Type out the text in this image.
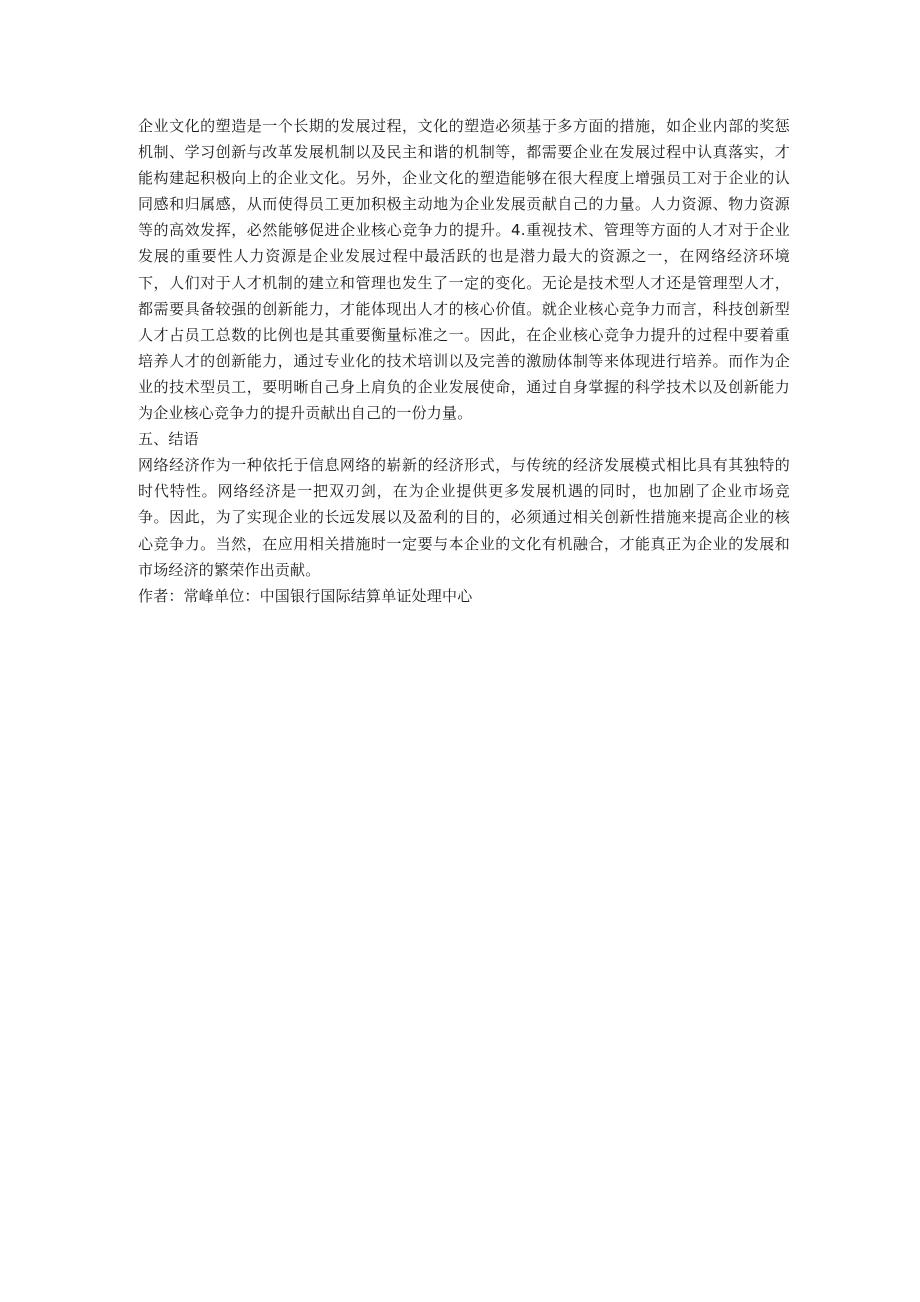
企业文化的塑造是一个长期的发展过程，文化的塑造必须基于多方面的措施，如企业内部的奖惩机制、学习创新与改革发展机制以及民主和谐的机制等，都需要企业在发展过程中认真落实，才能构建起积极向上的企业文化。另外，企业文化的塑造能够在很大程度上增强员工对于企业的认同感和归属感，从而使得员工更加积极主动地为企业发展贡献自己的力量。人力资源、物力资源等的高效发挥，必然能够促进企业核心竞争力的提升。4.重视技术、管理等方面的人才对于企业发展的重要性人力资源是企业发展过程中最活跃的也是潜力最大的资源之一，在网络经济环境下，人们对于人才机制的建立和管理也发生了一定的变化。无论是技术型人才还是管理型人才，都需要具备较强的创新能力，才能体现出人才的核心价值。就企业核心竞争力而言，科技创新型人才占员工总数的比例也是其重要衡量标准之一。因此，在企业核心竞争力提升的过程中要着重培养人才的创新能力，通过专业化的技术培训以及完善的激励体制等来体现进行培养。而作为企业的技术型员工，要明晰自己身上肩负的企业发展使命，通过自身掌握的科学技术以及创新能力为企业核心竞争力的提升贡献出自己的一份力量。

五、结语

网络经济作为一种依托于信息网络的崭新的经济形式，与传统的经济发展模式相比具有其独特的时代特性。网络经济是一把双刃剑，在为企业提供更多发展机遇的同时，也加剧了企业市场竞争。因此，为了实现企业的长远发展以及盈利的目的，必须通过相关创新性措施来提高企业的核心竞争力。当然，在应用相关措施时一定要与本企业的文化有机融合，才能真正为企业的发展和市场经济的繁荣作出贡献。

作者：常峰单位：中国银行国际结算单证处理中心
